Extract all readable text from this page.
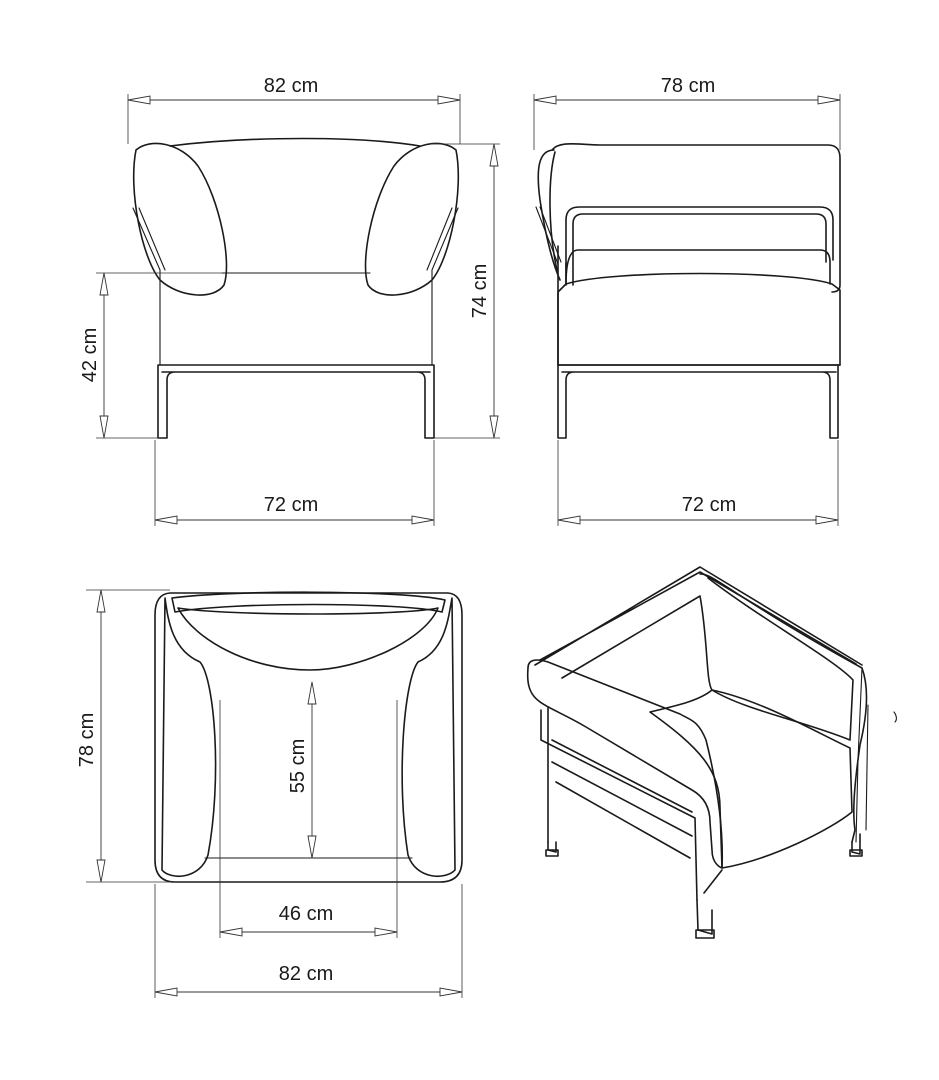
82 cm
72 cm
42 cm
74 cm
78 cm
72 cm
78 cm	55 cm
46 cm
82 cm
